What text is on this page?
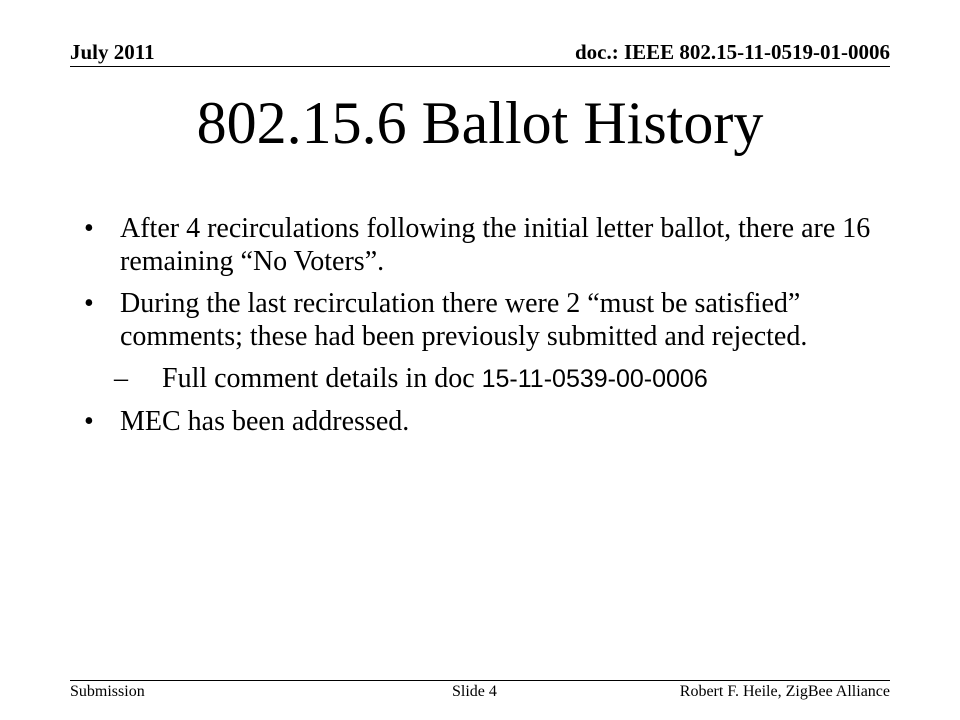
July 2011	doc.: IEEE 802.15-11-0519-01-0006
802.15.6 Ballot History
• After 4 recirculations following the initial letter ballot, there are 16 remaining “No Voters”.
• During the last recirculation there were 2 “must be satisfied” comments; these had been previously submitted and rejected.
– Full comment details in doc 15-11-0539-00-0006
• MEC has been addressed.
Submission	Slide 4	Robert F. Heile, ZigBee Alliance
